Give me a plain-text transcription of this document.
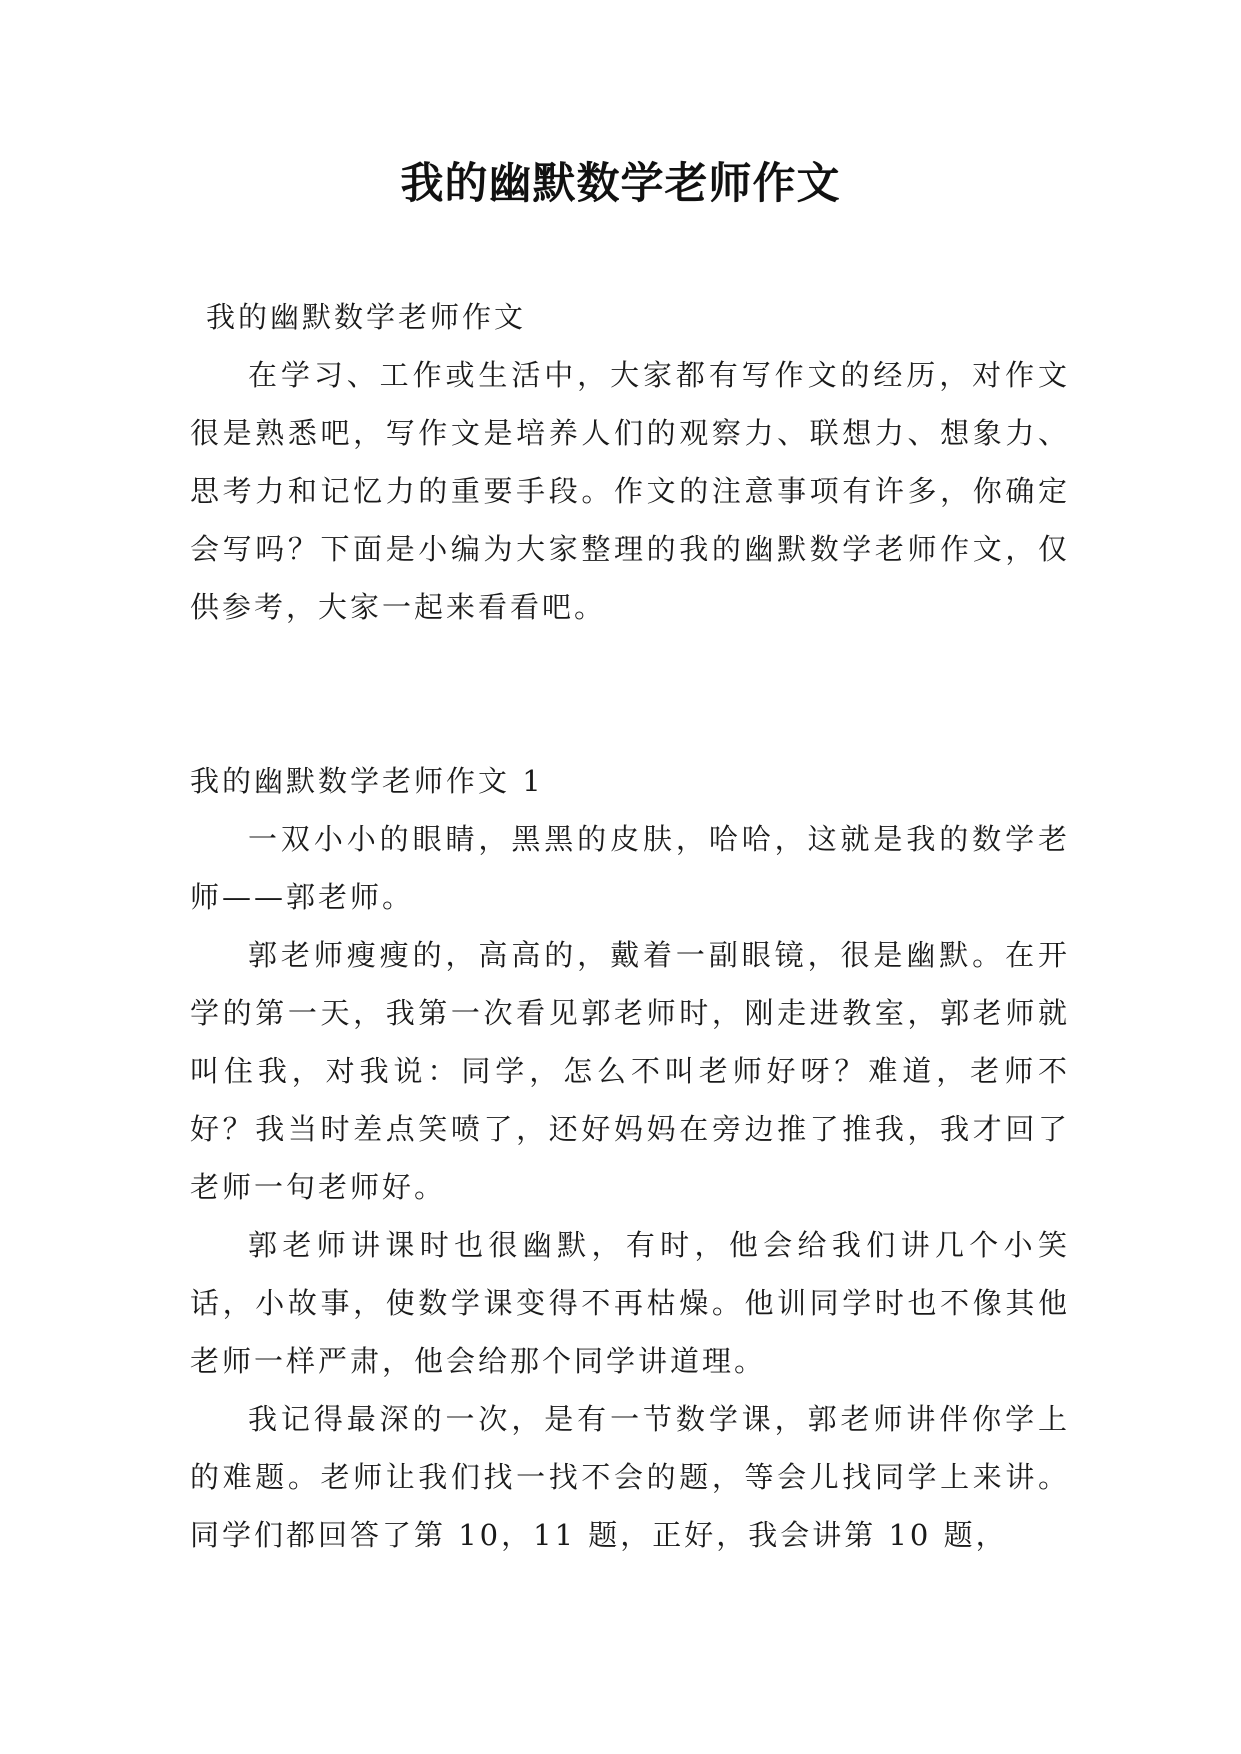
我的幽默数学老师作文

我的幽默数学老师作文

在学习、工作或生活中，大家都有写作文的经历，对作文很是熟悉吧，写作文是培养人们的观察力、联想力、想象力、思考力和记忆力的重要手段。作文的注意事项有许多，你确定会写吗？下面是小编为大家整理的我的幽默数学老师作文，仅供参考，大家一起来看看吧。

我的幽默数学老师作文 1

一双小小的眼睛，黑黑的皮肤，哈哈，这就是我的数学老师——郭老师。

郭老师瘦瘦的，高高的，戴着一副眼镜，很是幽默。在开学的第一天，我第一次看见郭老师时，刚走进教室，郭老师就叫住我，对我说：同学，怎么不叫老师好呀？难道，老师不好？我当时差点笑喷了，还好妈妈在旁边推了推我，我才回了老师一句老师好。

郭老师讲课时也很幽默，有时，他会给我们讲几个小笑话，小故事，使数学课变得不再枯燥。他训同学时也不像其他老师一样严肃，他会给那个同学讲道理。

我记得最深的一次，是有一节数学课，郭老师讲伴你学上的难题。老师让我们找一找不会的题，等会儿找同学上来讲。同学们都回答了第 10，11 题，正好，我会讲第 10 题，
